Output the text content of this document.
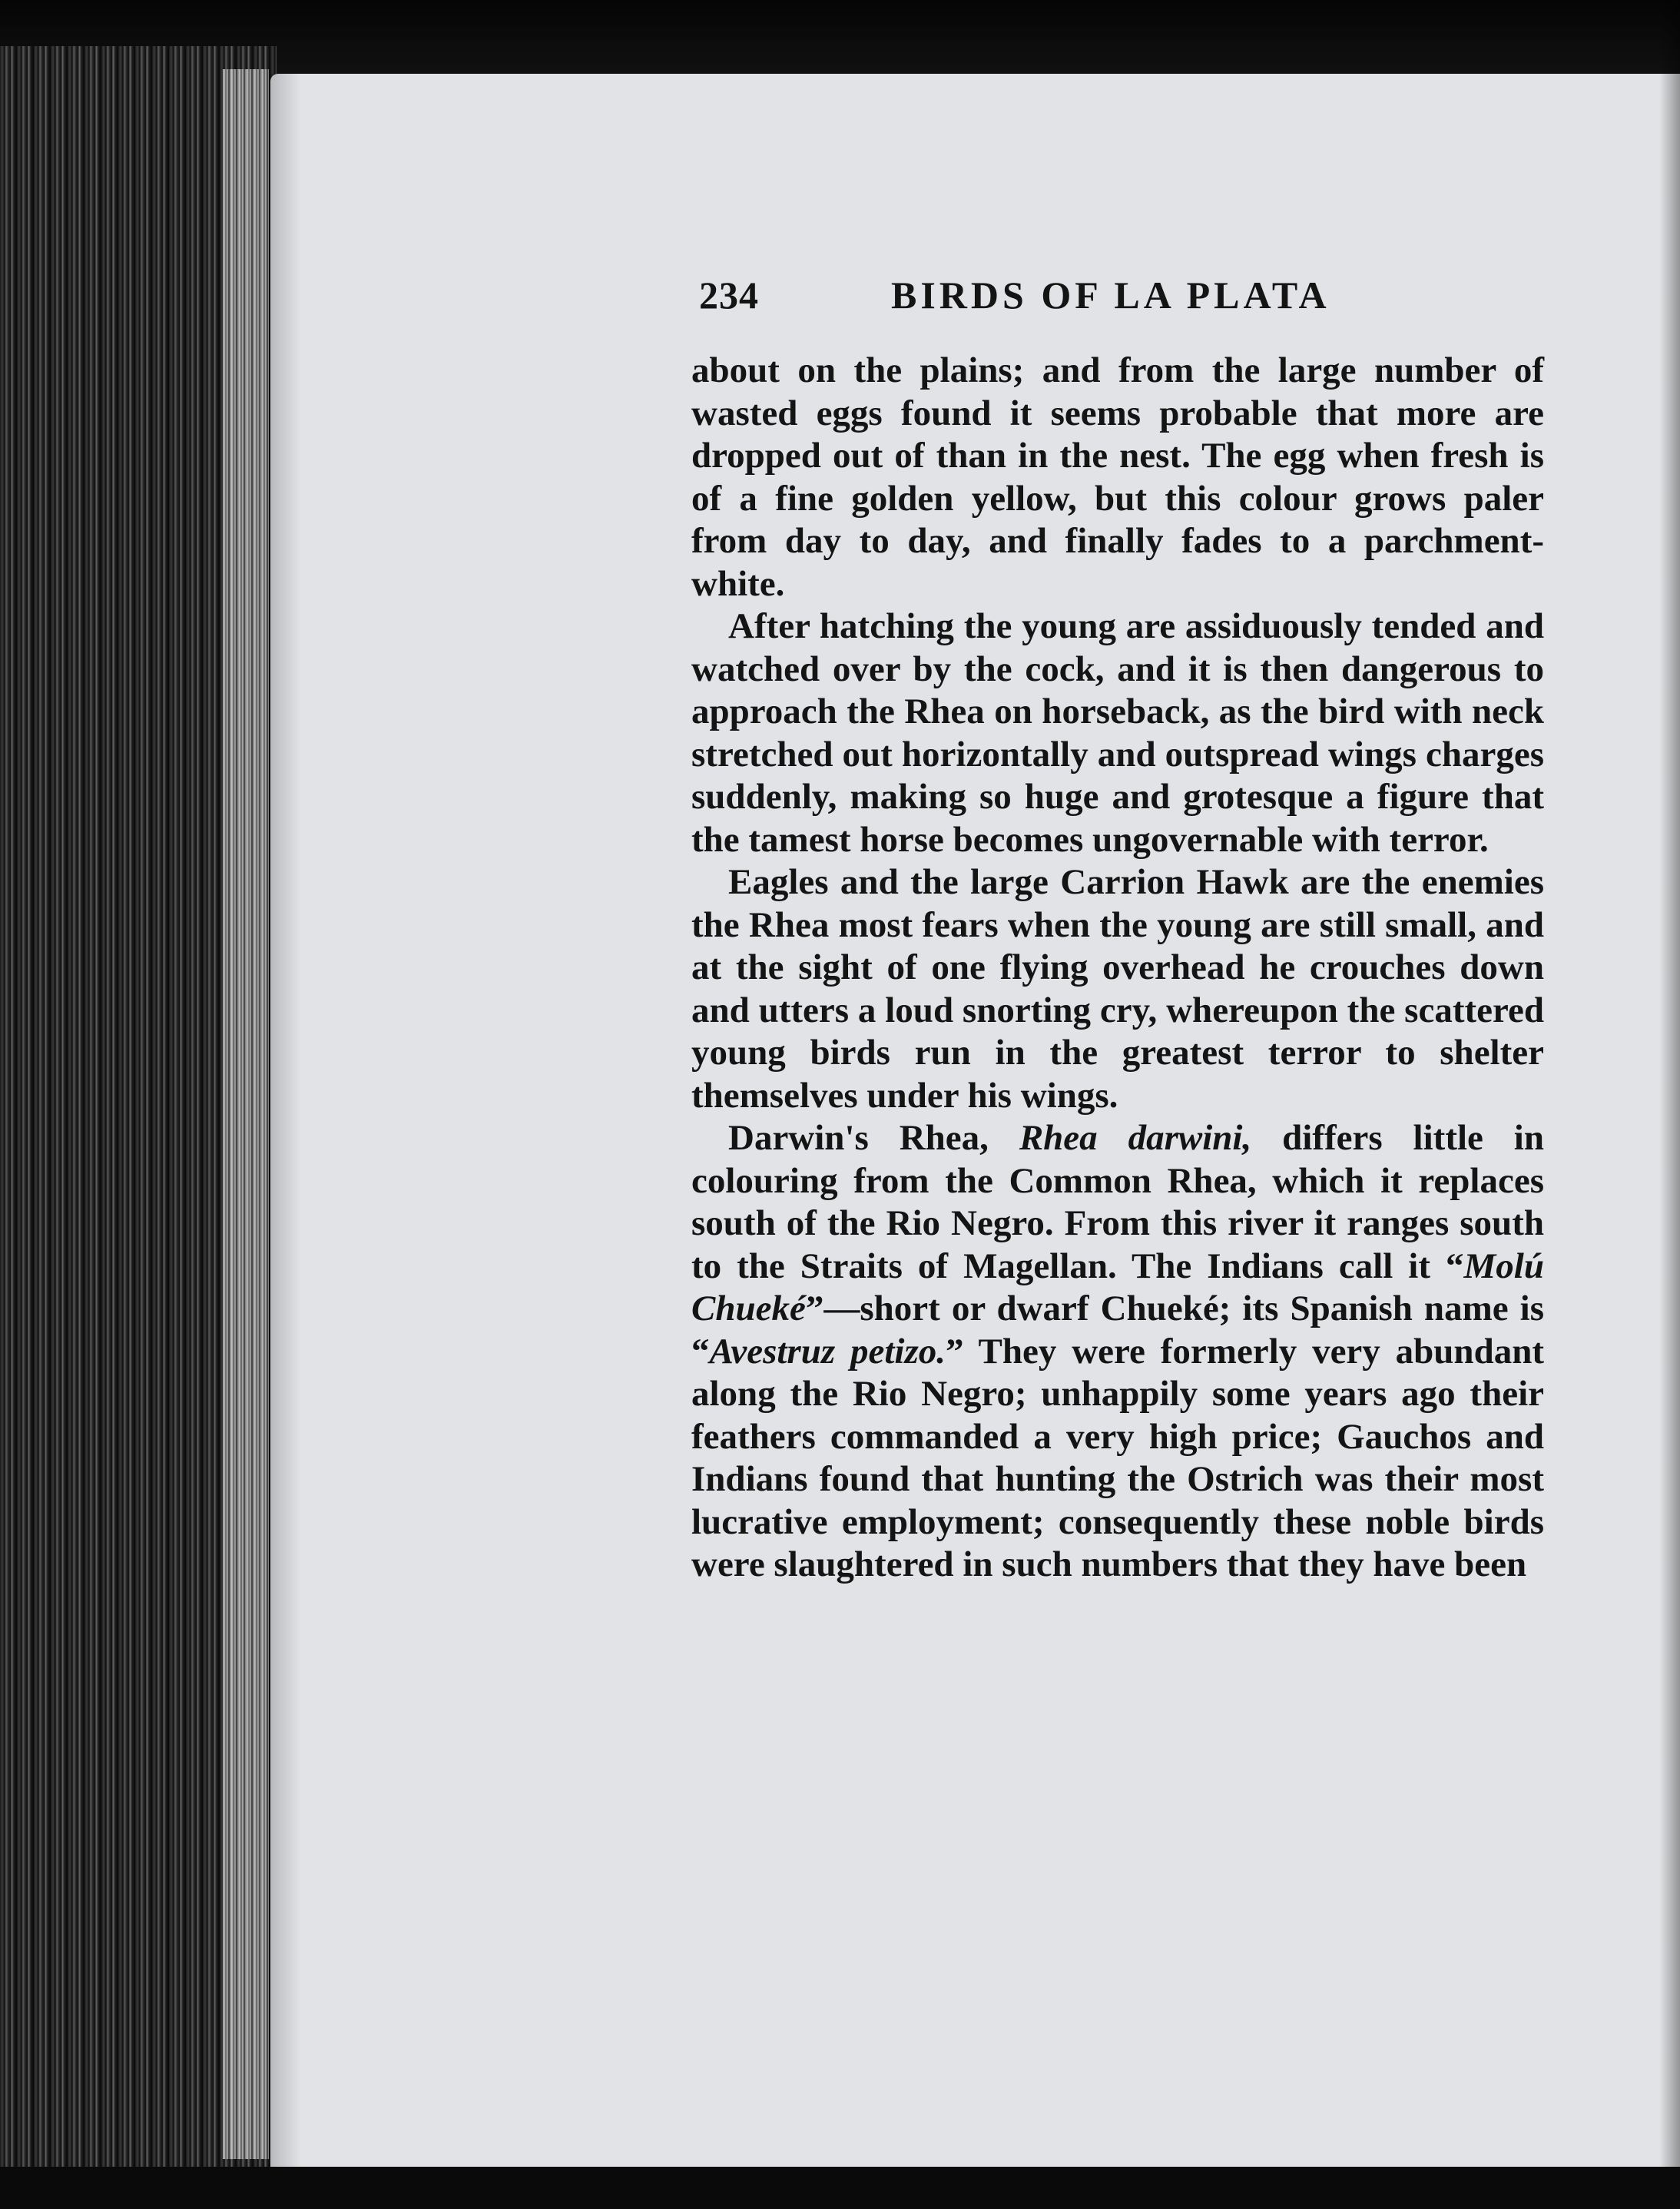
234	BIRDS OF LA PLATA

about on the plains; and from the large number of wasted eggs found it seems probable that more are dropped out of than in the nest. The egg when fresh is of a fine golden yellow, but this colour grows paler from day to day, and finally fades to a parchment-white.

After hatching the young are assiduously tended and watched over by the cock, and it is then dangerous to approach the Rhea on horseback, as the bird with neck stretched out horizontally and outspread wings charges suddenly, making so huge and grotesque a figure that the tamest horse becomes ungovernable with terror.

Eagles and the large Carrion Hawk are the enemies the Rhea most fears when the young are still small, and at the sight of one flying overhead he crouches down and utters a loud snorting cry, whereupon the scattered young birds run in the greatest terror to shelter themselves under his wings.

Darwin's Rhea, Rhea darwini, differs little in colouring from the Common Rhea, which it replaces south of the Rio Negro. From this river it ranges south to the Straits of Magellan. The Indians call it “Molú Chueké”—short or dwarf Chueké; its Spanish name is “Avestruz petizo.” They were formerly very abundant along the Rio Negro; unhappily some years ago their feathers commanded a very high price; Gauchos and Indians found that hunting the Ostrich was their most lucrative employment; consequently these noble birds were slaughtered in such numbers that they have been
